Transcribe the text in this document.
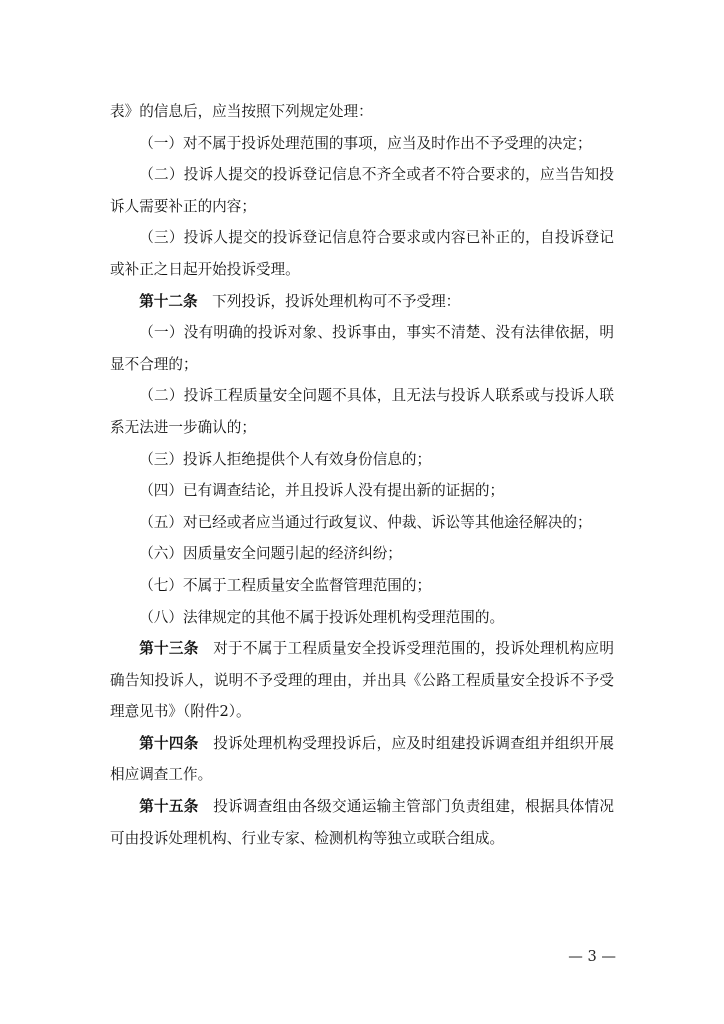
表》的信息后，应当按照下列规定处理：

（一）对不属于投诉处理范围的事项，应当及时作出不予受理的决定；

（二）投诉人提交的投诉登记信息不齐全或者不符合要求的，应当告知投诉人需要补正的内容；

（三）投诉人提交的投诉登记信息符合要求或内容已补正的，自投诉登记或补正之日起开始投诉受理。

第十二条 下列投诉，投诉处理机构可不予受理：

（一）没有明确的投诉对象、投诉事由，事实不清楚、没有法律依据，明显不合理的；

（二）投诉工程质量安全问题不具体，且无法与投诉人联系或与投诉人联系无法进一步确认的；

（三）投诉人拒绝提供个人有效身份信息的；

（四）已有调查结论，并且投诉人没有提出新的证据的；

（五）对已经或者应当通过行政复议、仲裁、诉讼等其他途径解决的；

（六）因质量安全问题引起的经济纠纷；

（七）不属于工程质量安全监督管理范围的；

（八）法律规定的其他不属于投诉处理机构受理范围的。

第十三条 对于不属于工程质量安全投诉受理范围的，投诉处理机构应明确告知投诉人，说明不予受理的理由，并出具《公路工程质量安全投诉不予受理意见书》（附件2）。

第十四条 投诉处理机构受理投诉后，应及时组建投诉调查组并组织开展相应调查工作。

第十五条 投诉调查组由各级交通运输主管部门负责组建，根据具体情况可由投诉处理机构、行业专家、检测机构等独立或联合组成。

— 3 —
